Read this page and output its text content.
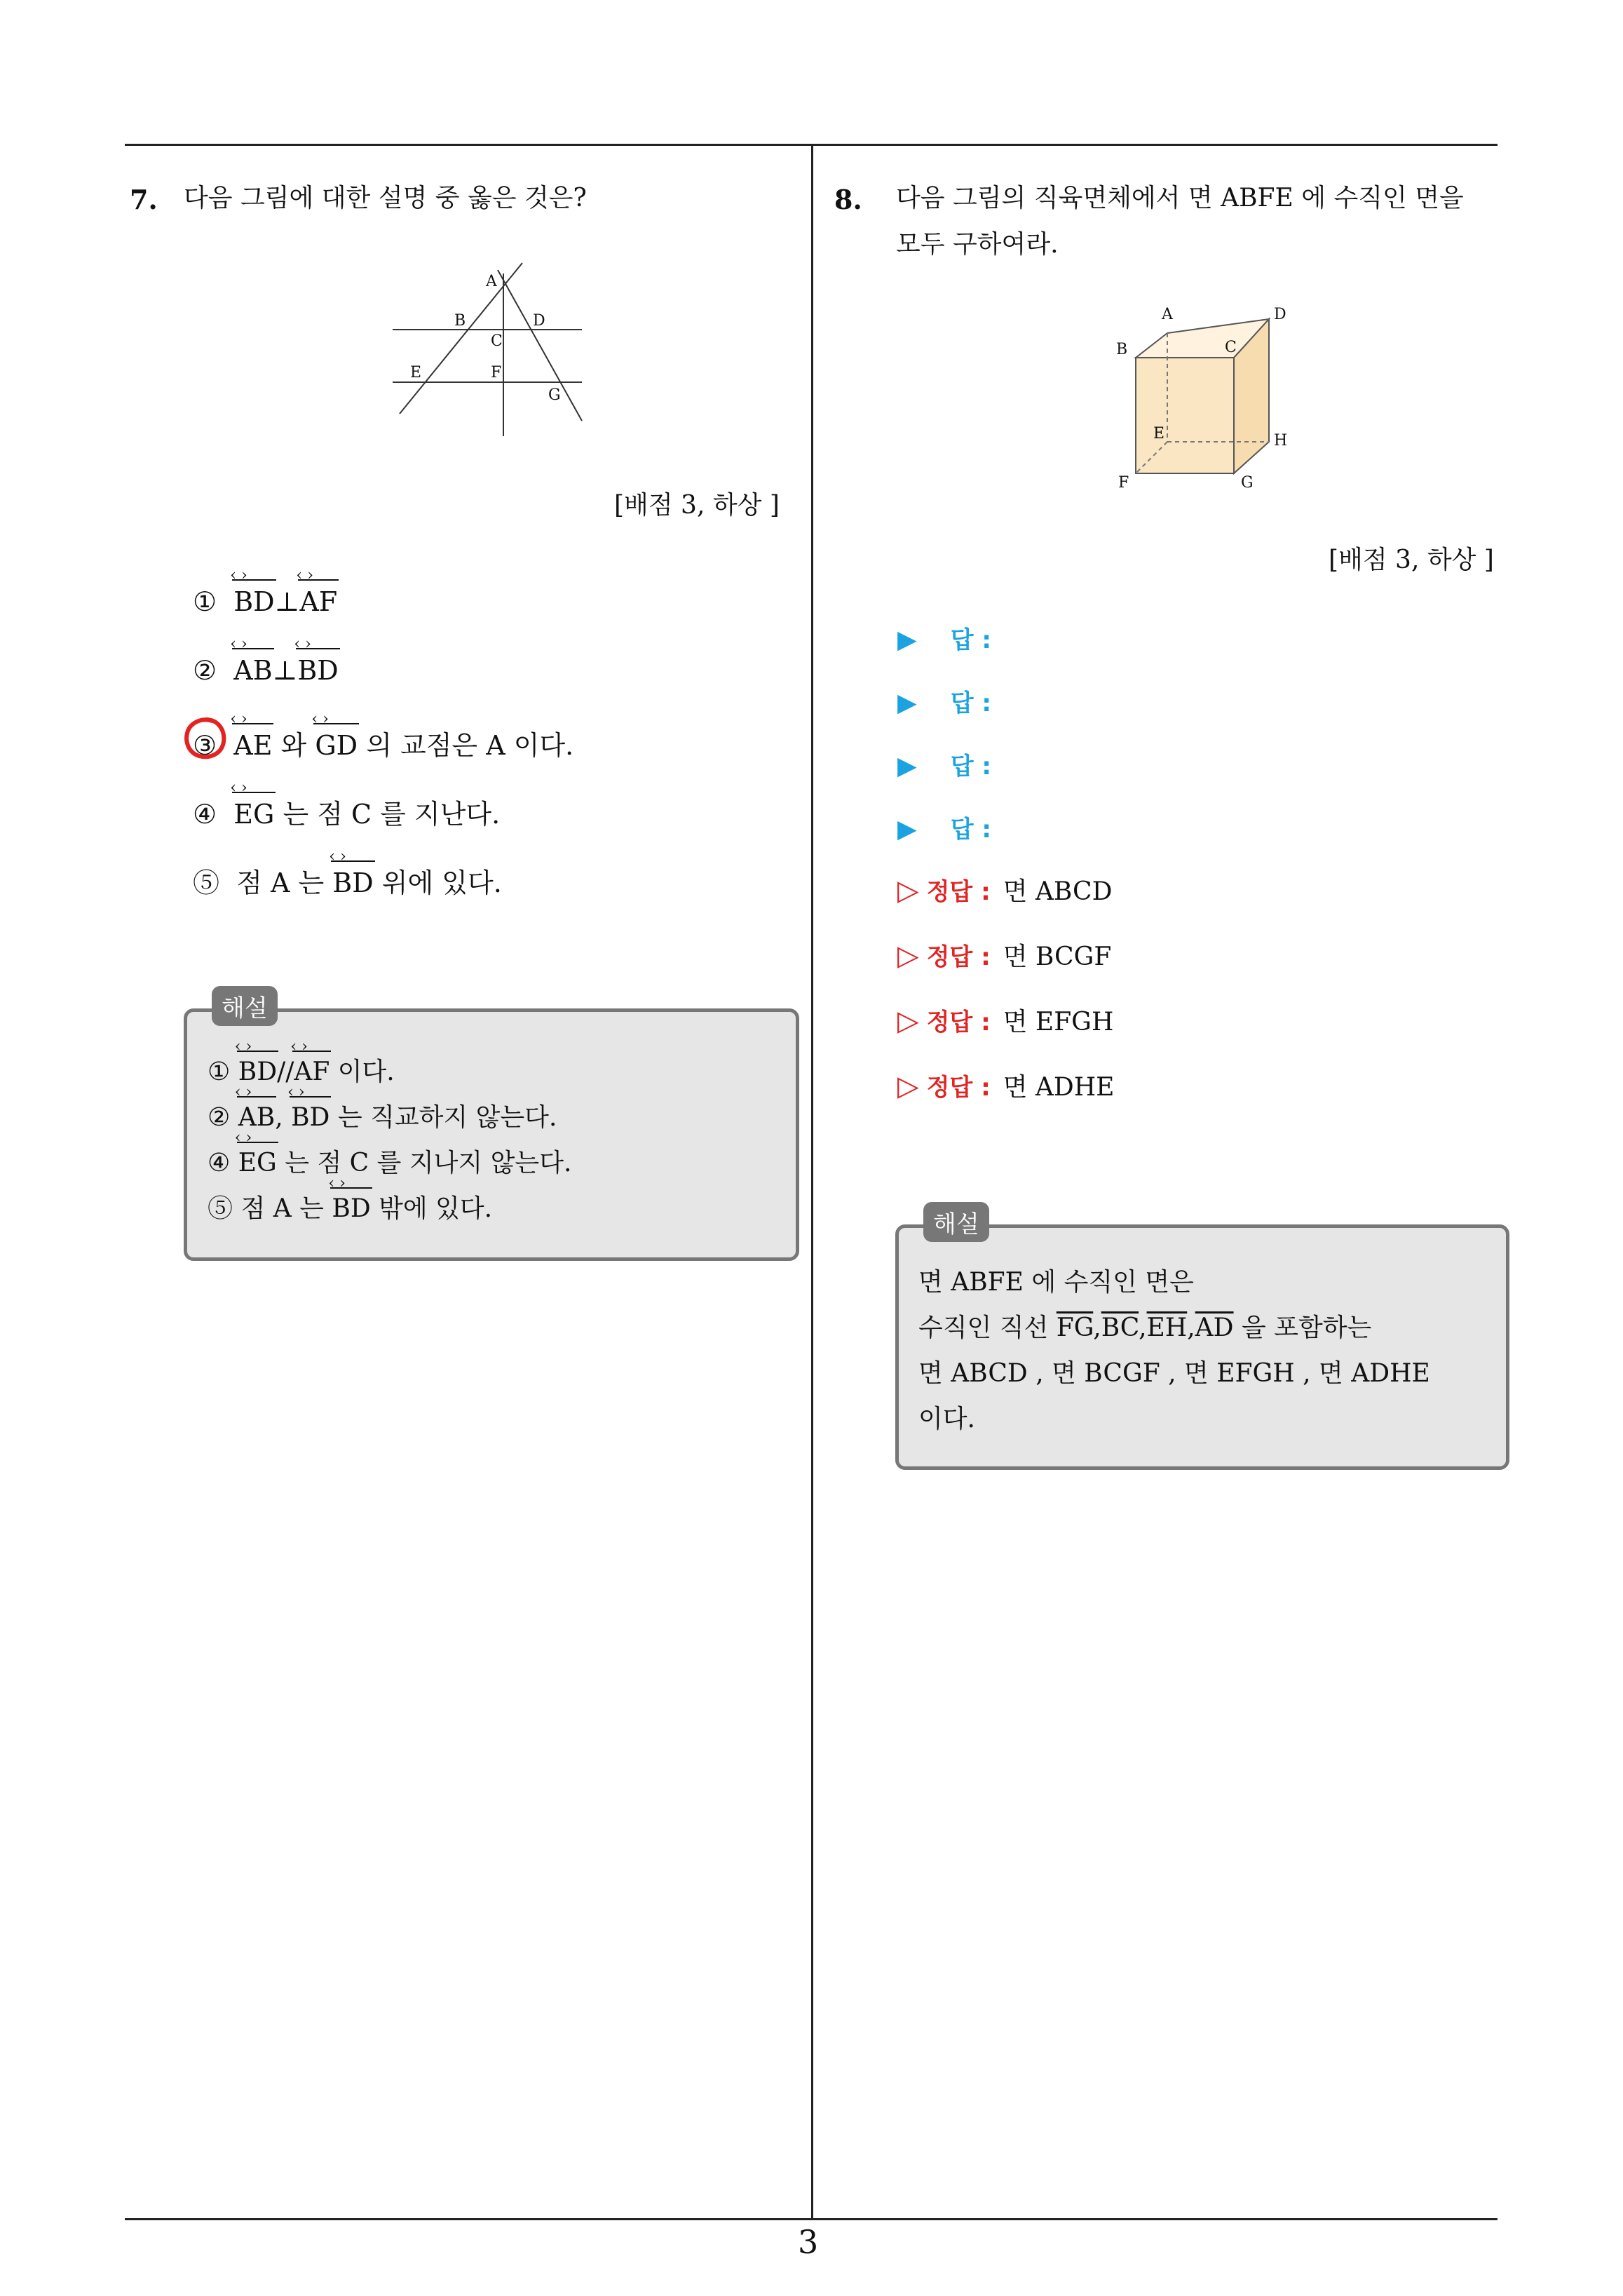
3
7. 다음 그림에 대한 설명 중 옳은 것은?
A
B	D
C
E	F
G
[배점 3, 하상 ]
① BD ‹ ›⊥AF ‹ ›
② AB ‹ ›⊥BD ‹ ›
③ AE ‹ › 와 GD ‹ › 의 교점은 A 이다.
④ EG ‹ › 는 점 C 를 지난다.
⑤ 점 A 는 BD ‹ › 위에 있다.
해설
① BD ‹ ›//AF ‹ › 이다.
② AB ‹ ›, BD ‹ › 는 직교하지 않는다.
④ EG ‹ › 는 점 C 를 지나지 않는다.
⑤ 점 A 는 BD ‹ › 밖에 있다.
8. 다음 그림의 직육면체에서 면 ABFE 에 수직인 면을
모두 구하여라.
A	D
B	C
E	H
F	G
[배점 3, 하상 ]
▶ 답 :
▶ 답 :
▶ 답 :
▶ 답 :
▷ 정답 : 면 ABCD
▷ 정답 : 면 BCGF
▷ 정답 : 면 EFGH
▷ 정답 : 면 ADHE
해설
면 ABFE 에 수직인 면은
수직인 직선 $\overline{FG},\overline{BC},\overline{EH},\overline{AD}$ 을 포함하는
면 ABCD , 면 BCGF , 면 EFGH , 면 ADHE
이다.
